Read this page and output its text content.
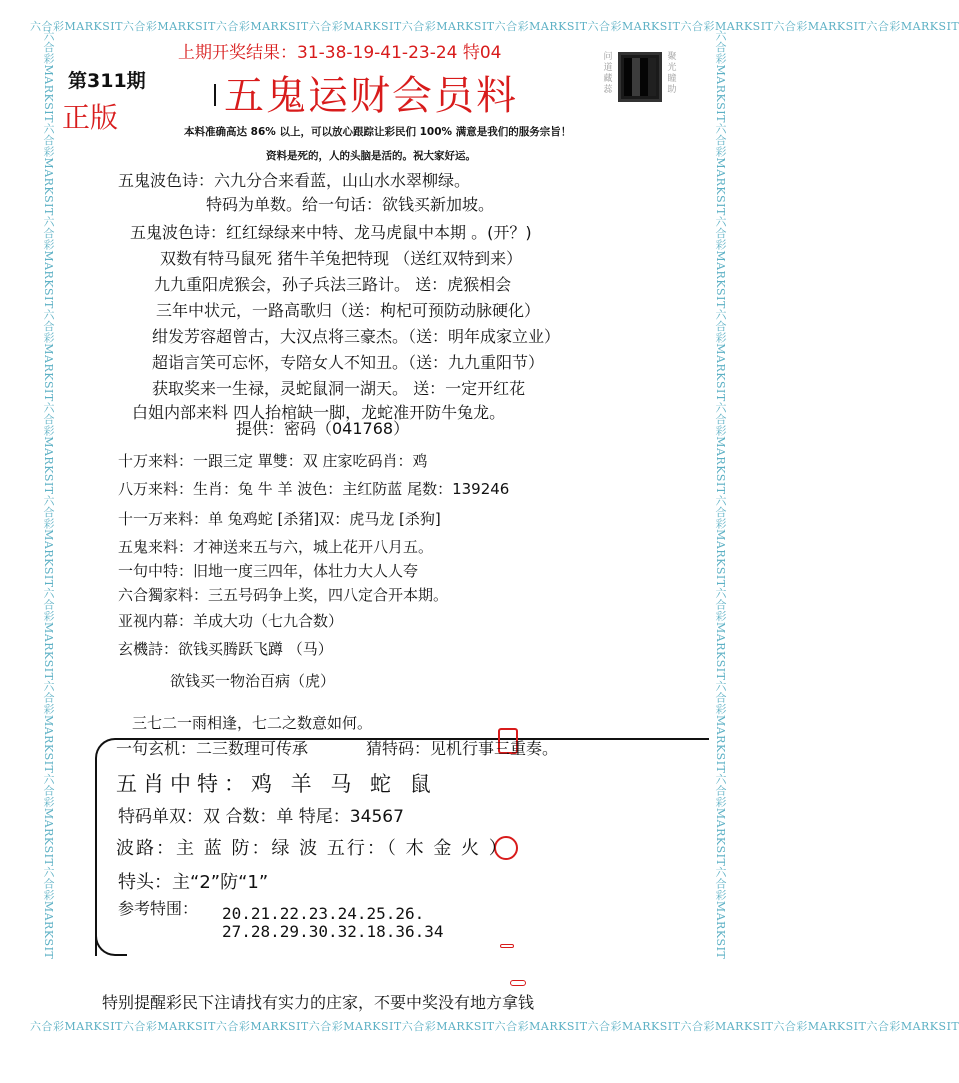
六合彩MARKSIT六合彩MARKSIT六合彩MARKSIT六合彩MARKSIT六合彩MARKSIT六合彩MARKSIT六合彩MARKSIT六合彩MARKSIT六合彩MARKSIT六合彩MARKSIT
六合彩MARKSIT六合彩MARKSIT六合彩MARKSIT六合彩MARKSIT六合彩MARKSIT六合彩MARKSIT六合彩MARKSIT六合彩MARKSIT六合彩MARKSIT六合彩MARKSIT
六合彩MARKSIT六合彩MARKSIT六合彩MARKSIT六合彩MARKSIT六合彩MARKSIT六合彩MARKSIT六合彩MARKSIT六合彩MARKSIT六合彩MARKSIT六合彩MARKSIT	六合彩MARKSIT六合彩MARKSIT六合彩MARKSIT六合彩MARKSIT六合彩MARKSIT六合彩MARKSIT六合彩MARKSIT六合彩MARKSIT六合彩MARKSIT六合彩MARKSIT
上期开奖结果：31-38-19-41-23-24 特04
第311期
正版	五鬼运财会员料
问道藏蕊
聚光瞳助
本料准确高达 86% 以上，可以放心跟踪让彩民们 100% 满意是我们的服务宗旨！
资料是死的，人的头脑是活的。祝大家好运。
五鬼波色诗：六九分合来看蓝，山山水水翠柳绿。
特码为单数。给一句话：欲钱买新加坡。
五鬼波色诗：红红绿绿来中特、龙马虎鼠中本期 。(开？)
双数有特马鼠死 猪牛羊兔把特现 （送红双特到来）
九九重阳虎猴会，孙子兵法三路计。 送：虎猴相会
三年中状元，一路高歌归（送：枸杞可预防动脉硬化）
绀发芳容超曾古，大汉点将三豪杰。（送：明年成家立业）
超诣言笑可忘怀，专陪女人不知丑。（送：九九重阳节）
获取奖来一生禄，灵蛇鼠洞一湖天。 送：一定开红花
白姐内部来料 四人抬棺缺一脚，龙蛇准开防牛兔龙。
提供：密码（041768）
十万来料：一跟三定 單雙：双 庄家吃码肖：鸡
八万来料：生肖：兔 牛 羊 波色：主红防蓝 尾数：139246
十一万来料：单 兔鸡蛇 [杀猪]双：虎马龙 [杀狗]
五鬼来料：才神送来五与六，城上花开八月五。
一句中特：旧地一度三四年，体壮力大人人夸
六合獨家料：三五号码争上奖，四八定合开本期。
亚视内幕：羊成大功（七九合数）
玄機詩：欲钱买腾跃飞蹲 （马）
欲钱买一物治百病（虎）
三七二一雨相逢，七二之数意如何。
一句玄机：二三数理可传承	猜特码：见机行事三重奏。
五肖中特：鸡 羊 马 蛇 鼠
特码单双：双 合数：单 特尾：34567
波路：主 蓝 防：绿 波 五行：（ 木 金 火 ）
特头：主“2”防“1”
参考特围： 20.21.22.23.24.25.26.
27.28.29.30.32.18.36.34
特别提醒彩民下注请找有实力的庄家，不要中奖没有地方拿钱
